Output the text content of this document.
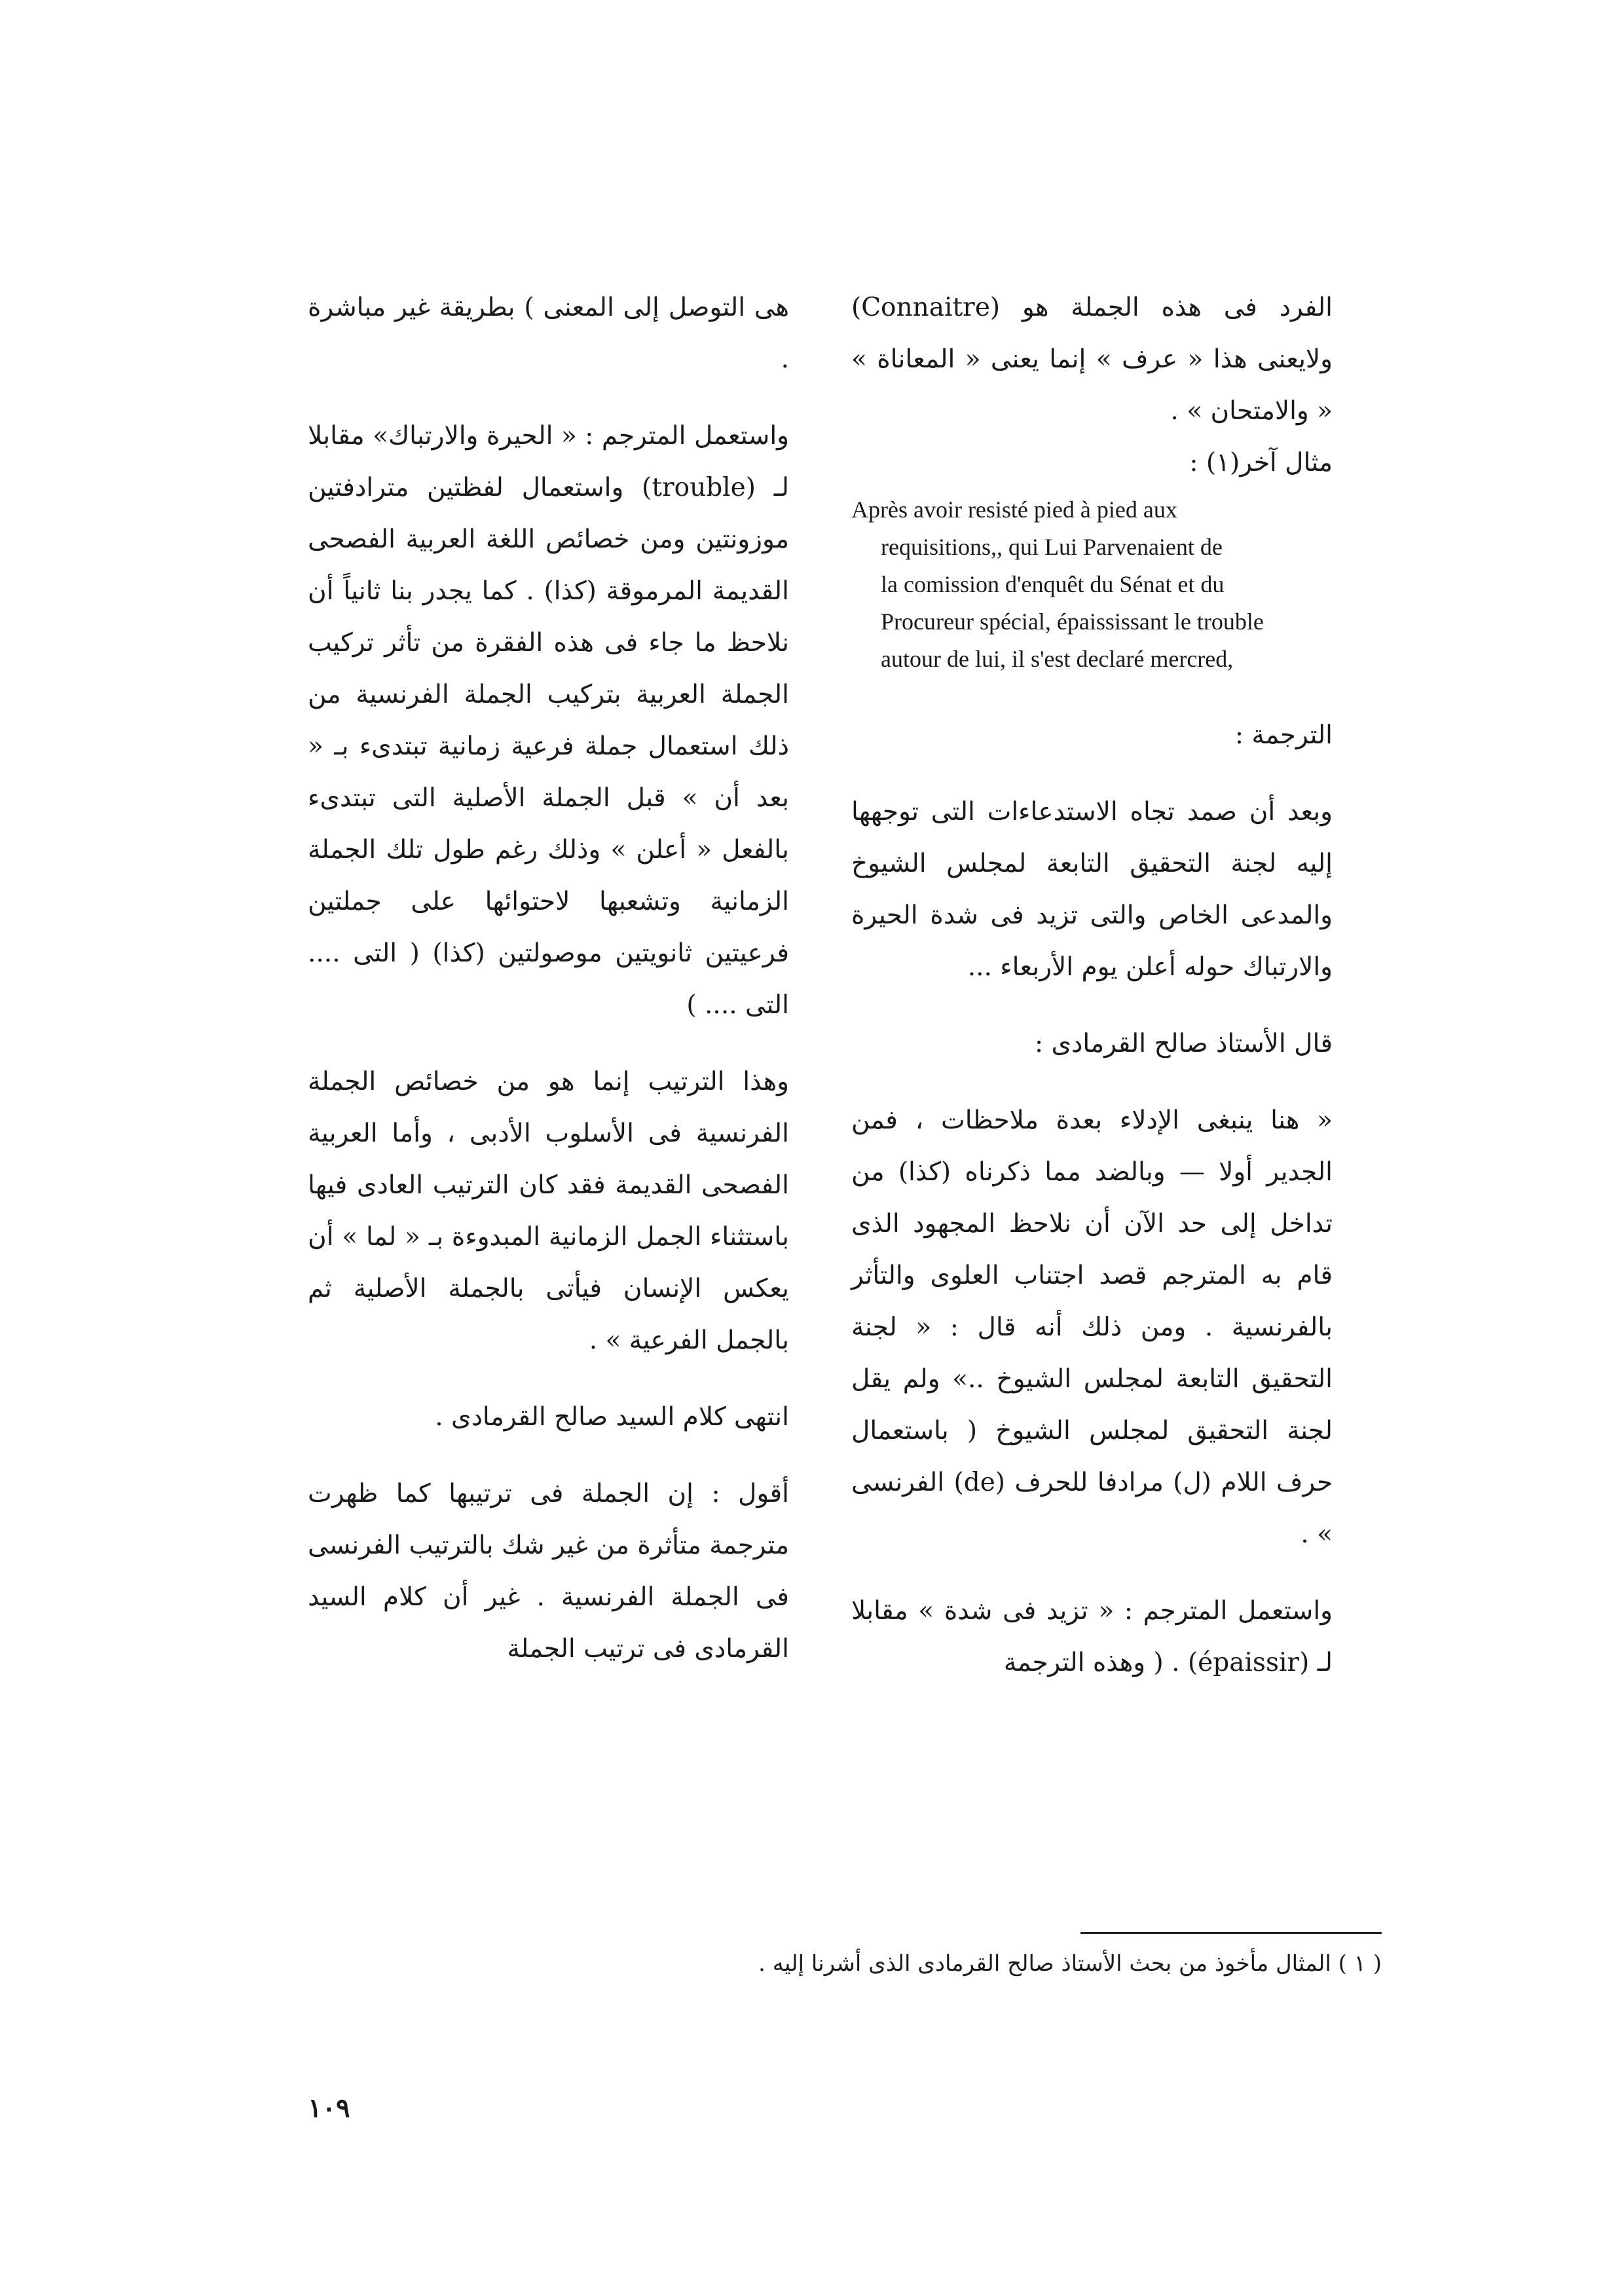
الفرد فى هذه الجملة هو (Connaitre) ولايعنى هذا « عرف » إنما يعنى « المعاناة » « والامتحان » .

مثال آخر(١) :

Après avoir resisté pied à pied aux
requisitions,, qui Lui Parvenaient de
la comission d'enquêt du Sénat et du
Procureur spécial, épaississant le trouble
autour de lui, il s'est declaré mercred,

الترجمة :

وبعد أن صمد تجاه الاستدعاءات التى توجهها إليه لجنة التحقيق التابعة لمجلس الشيوخ والمدعى الخاص والتى تزيد فى شدة الحيرة والارتباك حوله أعلن يوم الأربعاء ...

قال الأستاذ صالح القرمادى :

« هنا ينبغى الإدلاء بعدة ملاحظات ، فمن الجدير أولا — وبالضد مما ذكرناه (كذا) من تداخل إلى حد الآن أن نلاحظ المجهود الذى قام به المترجم قصد اجتناب العلوى والتأثر بالفرنسية . ومن ذلك أنه قال : « لجنة التحقيق التابعة لمجلس الشيوخ ..» ولم يقل لجنة التحقيق لمجلس الشيوخ ( باستعمال حرف اللام (ل) مرادفا للحرف (de) الفرنسى » .

واستعمل المترجم : « تزيد فى شدة » مقابلا لـ (épaissir) . ( وهذه الترجمة

هى التوصل إلى المعنى ) بطريقة غير مباشرة .

واستعمل المترجم : « الحيرة والارتباك» مقابلا لـ (trouble) واستعمال لفظتين مترادفتين موزونتين ومن خصائص اللغة العربية الفصحى القديمة المرموقة (كذا) . كما يجدر بنا ثانياً أن نلاحظ ما جاء فى هذه الفقرة من تأثر تركيب الجملة العربية بتركيب الجملة الفرنسية من ذلك استعمال جملة فرعية زمانية تبتدىء بـ « بعد أن » قبل الجملة الأصلية التى تبتدىء بالفعل « أعلن » وذلك رغم طول تلك الجملة الزمانية وتشعبها لاحتوائها على جملتين فرعيتين ثانويتين موصولتين (كذا) ( التى .... التى .... )

وهذا الترتيب إنما هو من خصائص الجملة الفرنسية فى الأسلوب الأدبى ، وأما العربية الفصحى القديمة فقد كان الترتيب العادى فيها باستثناء الجمل الزمانية المبدوءة بـ « لما » أن يعكس الإنسان فيأتى بالجملة الأصلية ثم بالجمل الفرعية » .

انتهى كلام السيد صالح القرمادى .

أقول : إن الجملة فى ترتيبها كما ظهرت مترجمة متأثرة من غير شك بالترتيب الفرنسى فى الجملة الفرنسية . غير أن كلام السيد القرمادى فى ترتيب الجملة

( ١ ) المثال مأخوذ من بحث الأستاذ صالح القرمادى الذى أشرنا إليه .
١٠٩
